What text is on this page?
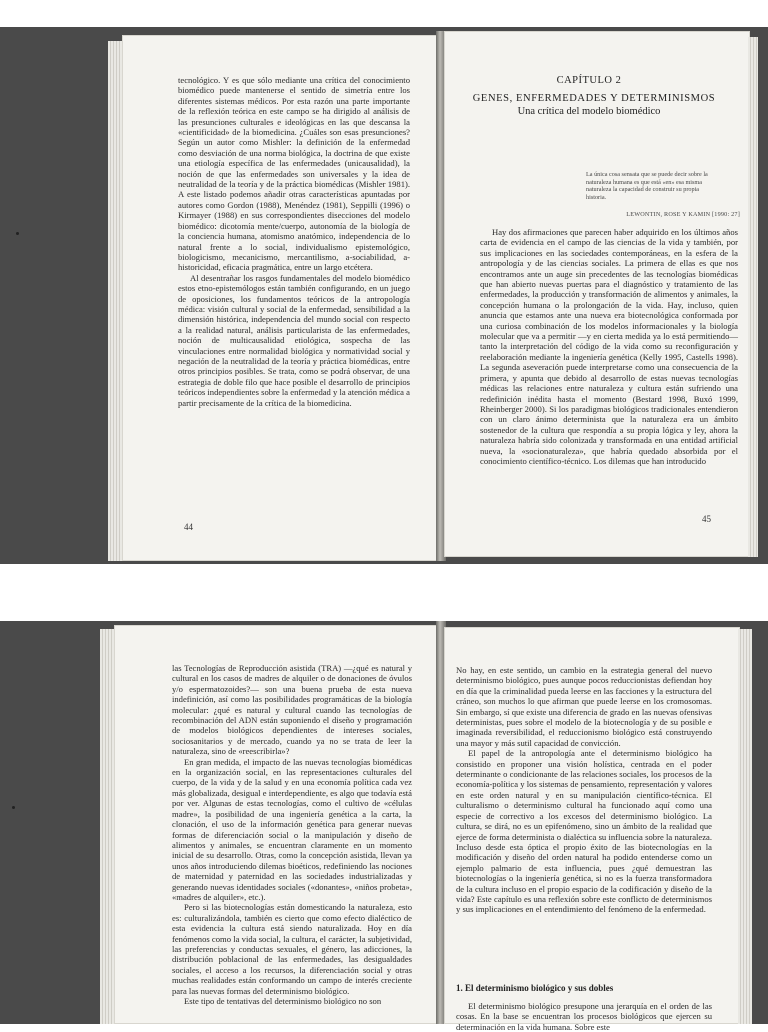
tecnológico. Y es que sólo mediante una crítica del conocimiento biomédico puede mantenerse el sentido de simetría entre los diferentes sistemas médicos. Por esta razón una parte importante de la reflexión teórica en este campo se ha dirigido al análisis de las presunciones culturales e ideológicas en las que descansa la «cientificidad» de la biomedicina. ¿Cuáles son esas presunciones? Según un autor como Mishler: la definición de la enfermedad como desviación de una norma biológica, la doctrina de que existe una etiología específica de las enfermedades (unicausalidad), la noción de que las enfermedades son universales y la idea de neutralidad de la teoría y de la práctica biomédicas (Mishler 1981). A este listado podemos añadir otras características apuntadas por autores como Gordon (1988), Menéndez (1981), Seppilli (1996) o Kirmayer (1988) en sus correspondientes disecciones del modelo biomédico: dicotomía mente/cuerpo, autonomía de la biología de la conciencia humana, atomismo anatómico, independencia de lo natural frente a lo social, individualismo epistemológico, biologicismo, mecanicismo, mercantilismo, a-sociabilidad, a-historicidad, eficacia pragmática, entre un largo etcétera.

Al desentrañar los rasgos fundamentales del modelo biomédico estos etno-epistemólogos están también configurando, en un juego de oposiciones, los fundamentos teóricos de la antropología médica: visión cultural y social de la enfermedad, sensibilidad a la dimensión histórica, independencia del mundo social con respecto a la realidad natural, análisis particularista de las enfermedades, noción de multicausalidad etiológica, sospecha de las vinculaciones entre normalidad biológica y normatividad social y negación de la neutralidad de la teoría y práctica biomédicas, entre otros principios posibles. Se trata, como se podrá observar, de una estrategia de doble filo que hace posible el desarrollo de principios teóricos independientes sobre la enfermedad y la atención médica a partir precisamente de la crítica de la biomedicina.

44
CAPÍTULO 2
GENES, ENFERMEDADES Y DETERMINISMOS
Una crítica del modelo biomédico
La única cosa sensata que se puede decir sobre la naturaleza humana es que está «en» esa misma naturaleza la capacidad de construir su propia historia.
LEWONTIN, ROSE Y KAMIN [1990: 27]

Hay dos afirmaciones que parecen haber adquirido en los últimos años carta de evidencia en el campo de las ciencias de la vida y también, por sus implicaciones en las sociedades contemporáneas, en la esfera de la antropología y de las ciencias sociales. La primera de ellas es que nos encontramos ante un auge sin precedentes de las tecnologías biomédicas que han abierto nuevas puertas para el diagnóstico y tratamiento de las enfermedades, la producción y transformación de alimentos y animales, la concepción humana o la prolongación de la vida. Hay, incluso, quien anuncia que estamos ante una nueva era biotecnológica conformada por una curiosa combinación de los modelos informacionales y la biología molecular que va a permitir —y en cierta medida ya lo está permitiendo— tanto la interpretación del código de la vida como su reconfiguración y reelaboración mediante la ingeniería genética (Kelly 1995, Castells 1998). La segunda aseveración puede interpretarse como una consecuencia de la primera, y apunta que debido al desarrollo de estas nuevas tecnologías médicas las relaciones entre naturaleza y cultura están sufriendo una redefinición inédita hasta el momento (Bestard 1998, Buxó 1999, Rheinberger 2000). Si los paradigmas biológicos tradicionales entendieron con un claro ánimo determinista que la naturaleza era un ámbito sostenedor de la cultura que respondía a su propia lógica y ley, ahora la naturaleza habría sido colonizada y transformada en una entidad artificial nueva, la «socionaturaleza», que habría quedado absorbida por el conocimiento científico-técnico. Los dilemas que han introducido

45

las Tecnologías de Reproducción asistida (TRA) —¿qué es natural y cultural en los casos de madres de alquiler o de donaciones de óvulos y/o espermatozoides?— son una buena prueba de esta nueva indefinición, así como las posibilidades programáticas de la biología molecular: ¿qué es natural y cultural cuando las tecnologías de recombinación del ADN están suponiendo el diseño y programación de modelos biológicos dependientes de intereses sociales, sociosanitarios y de mercado, cuando ya no se trata de leer la naturaleza, sino de «reescribirla»?

En gran medida, el impacto de las nuevas tecnologías biomédicas en la organización social, en las representaciones culturales del cuerpo, de la vida y de la salud y en una economía política cada vez más globalizada, desigual e interdependiente, es algo que todavía está por ver. Algunas de estas tecnologías, como el cultivo de «células madre», la posibilidad de una ingeniería genética a la carta, la clonación, el uso de la información genética para generar nuevas formas de diferenciación social o la manipulación y diseño de alimentos y animales, se encuentran claramente en un momento inicial de su desarrollo. Otras, como la concepción asistida, llevan ya unos años introduciendo dilemas bioéticos, redefiniendo las nociones de maternidad y paternidad en las sociedades industrializadas y generando nuevas identidades sociales («donantes», «niños probeta», «madres de alquiler», etc.).

Pero si las biotecnologías están domesticando la naturaleza, esto es: culturalizándola, también es cierto que como efecto dialéctico de esta evidencia la cultura está siendo naturalizada. Hoy en día fenómenos como la vida social, la cultura, el carácter, la subjetividad, las preferencias y conductas sexuales, el género, las adicciones, la distribución poblacional de las enfermedades, las desigualdades sociales, el acceso a los recursos, la diferenciación social y otras muchas realidades están conformando un campo de interés creciente para las nuevas formas del determinismo biológico.

Este tipo de tentativas del determinismo biológico no son

No hay, en este sentido, un cambio en la estrategia general del nuevo determinismo biológico, pues aunque pocos reduccionistas defiendan hoy en día que la criminalidad pueda leerse en las facciones y la estructura del cráneo, son muchos lo que afirman que puede leerse en los cromosomas. Sin embargo, sí que existe una diferencia de grado en las nuevas ofensivas deterministas, pues sobre el modelo de la biotecnología y de su posible e imaginada reversibilidad, el reduccionismo biológico está construyendo una mayor y más sutil capacidad de convicción.

El papel de la antropología ante el determinismo biológico ha consistido en proponer una visión holística, centrada en el poder determinante o condicionante de las relaciones sociales, los procesos de la economía-política y los sistemas de pensamiento, representación y valores en este orden natural y en su manipulación científico-técnica. El culturalismo o determinismo cultural ha funcionado aquí como una especie de correctivo a los excesos del determinismo biológico. La cultura, se dirá, no es un epifenómeno, sino un ámbito de la realidad que ejerce de forma determinista o dialéctica su influencia sobre la naturaleza. Incluso desde esta óptica el propio éxito de las biotecnologías en la modificación y diseño del orden natural ha podido entenderse como un ejemplo palmario de esta influencia, pues ¿qué demuestran las biotecnologías o la ingeniería genética, si no es la fuerza transformadora de la cultura incluso en el propio espacio de la codificación y diseño de la vida? Este capítulo es una reflexión sobre este conflicto de determinismos y sus implicaciones en el entendimiento del fenómeno de la enfermedad.

1. El determinismo biológico y sus dobles

El determinismo biológico presupone una jerarquía en el orden de las cosas. En la base se encuentran los procesos biológicos que ejercen su determinación en la vida humana. Sobre este
